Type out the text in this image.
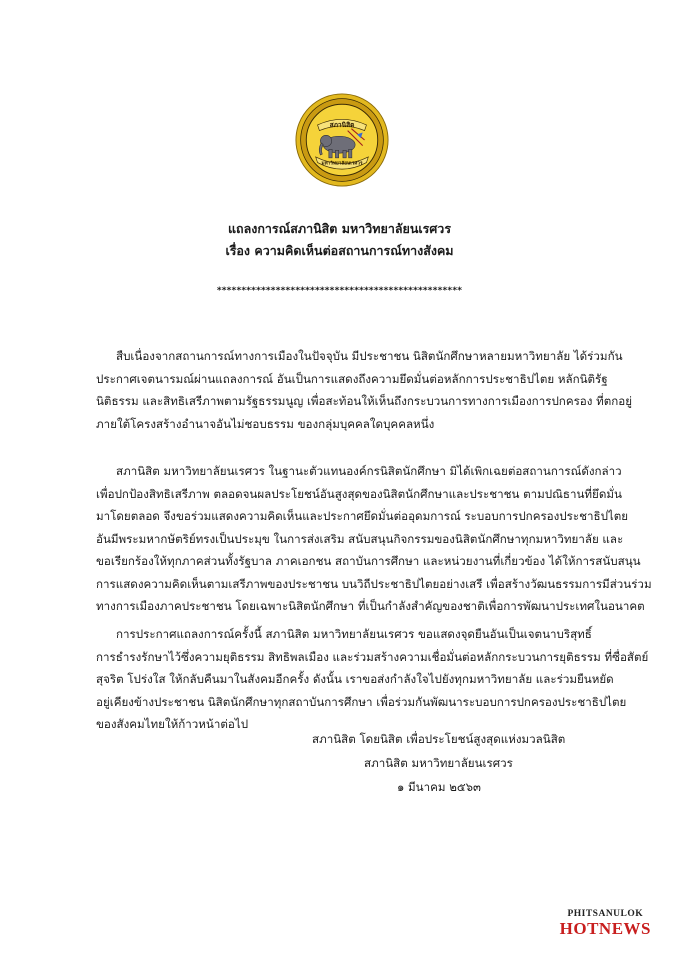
สภานิสิต
มหาวิทยาลัยนเรศวร
แถลงการณ์สภานิสิต มหาวิทยาลัยนเรศวร
เรื่อง ความคิดเห็นต่อสถานการณ์ทางสังคม
**************************************************

สืบเนื่องจากสถานการณ์ทางการเมืองในปัจจุบัน มีประชาชน นิสิตนักศึกษาหลายมหาวิทยาลัย ได้ร่วมกัน
ประกาศเจตนารมณ์ผ่านแถลงการณ์ อันเป็นการแสดงถึงความยึดมั่นต่อหลักการประชาธิปไตย หลักนิติรัฐ
นิติธรรม และสิทธิเสรีภาพตามรัฐธรรมนูญ เพื่อสะท้อนให้เห็นถึงกระบวนการทางการเมืองการปกครอง ที่ตกอยู่
ภายใต้โครงสร้างอำนาจอันไม่ชอบธรรม ของกลุ่มบุคคลใดบุคคลหนึ่ง

สภานิสิต มหาวิทยาลัยนเรศวร ในฐานะตัวแทนองค์กรนิสิตนักศึกษา มิได้เพิกเฉยต่อสถานการณ์ดังกล่าว
เพื่อปกป้องสิทธิเสรีภาพ ตลอดจนผลประโยชน์อันสูงสุดของนิสิตนักศึกษาและประชาชน ตามปณิธานที่ยึดมั่น
มาโดยตลอด จึงขอร่วมแสดงความคิดเห็นและประกาศยึดมั่นต่ออุดมการณ์ ระบอบการปกครองประชาธิปไตย
อันมีพระมหากษัตริย์ทรงเป็นประมุข ในการส่งเสริม สนับสนุนกิจกรรมของนิสิตนักศึกษาทุกมหาวิทยาลัย และ
ขอเรียกร้องให้ทุกภาคส่วนทั้งรัฐบาล ภาคเอกชน สถาบันการศึกษา และหน่วยงานที่เกี่ยวข้อง ได้ให้การสนับสนุน
การแสดงความคิดเห็นตามเสรีภาพของประชาชน บนวิถีประชาธิปไตยอย่างเสรี เพื่อสร้างวัฒนธรรมการมีส่วนร่วม
ทางการเมืองภาคประชาชน โดยเฉพาะนิสิตนักศึกษา ที่เป็นกำลังสำคัญของชาติเพื่อการพัฒนาประเทศในอนาคต

การประกาศแถลงการณ์ครั้งนี้ สภานิสิต มหาวิทยาลัยนเรศวร ขอแสดงจุดยืนอันเป็นเจตนาบริสุทธิ์
การธำรงรักษาไว้ซึ่งความยุติธรรม สิทธิพลเมือง และร่วมสร้างความเชื่อมั่นต่อหลักกระบวนการยุติธรรม ที่ซื่อสัตย์
สุจริต โปร่งใส ให้กลับคืนมาในสังคมอีกครั้ง ดังนั้น เราขอส่งกำลังใจไปยังทุกมหาวิทยาลัย และร่วมยืนหยัด
อยู่เคียงข้างประชาชน นิสิตนักศึกษาทุกสถาบันการศึกษา เพื่อร่วมกันพัฒนาระบอบการปกครองประชาธิปไตย
ของสังคมไทยให้ก้าวหน้าต่อไป

สภานิสิต โดยนิสิต เพื่อประโยชน์สูงสุดแห่งมวลนิสิต
สภานิสิต มหาวิทยาลัยนเรศวร
๑ มีนาคม ๒๕๖๓
PHITSANULOK
HOTNEWS
